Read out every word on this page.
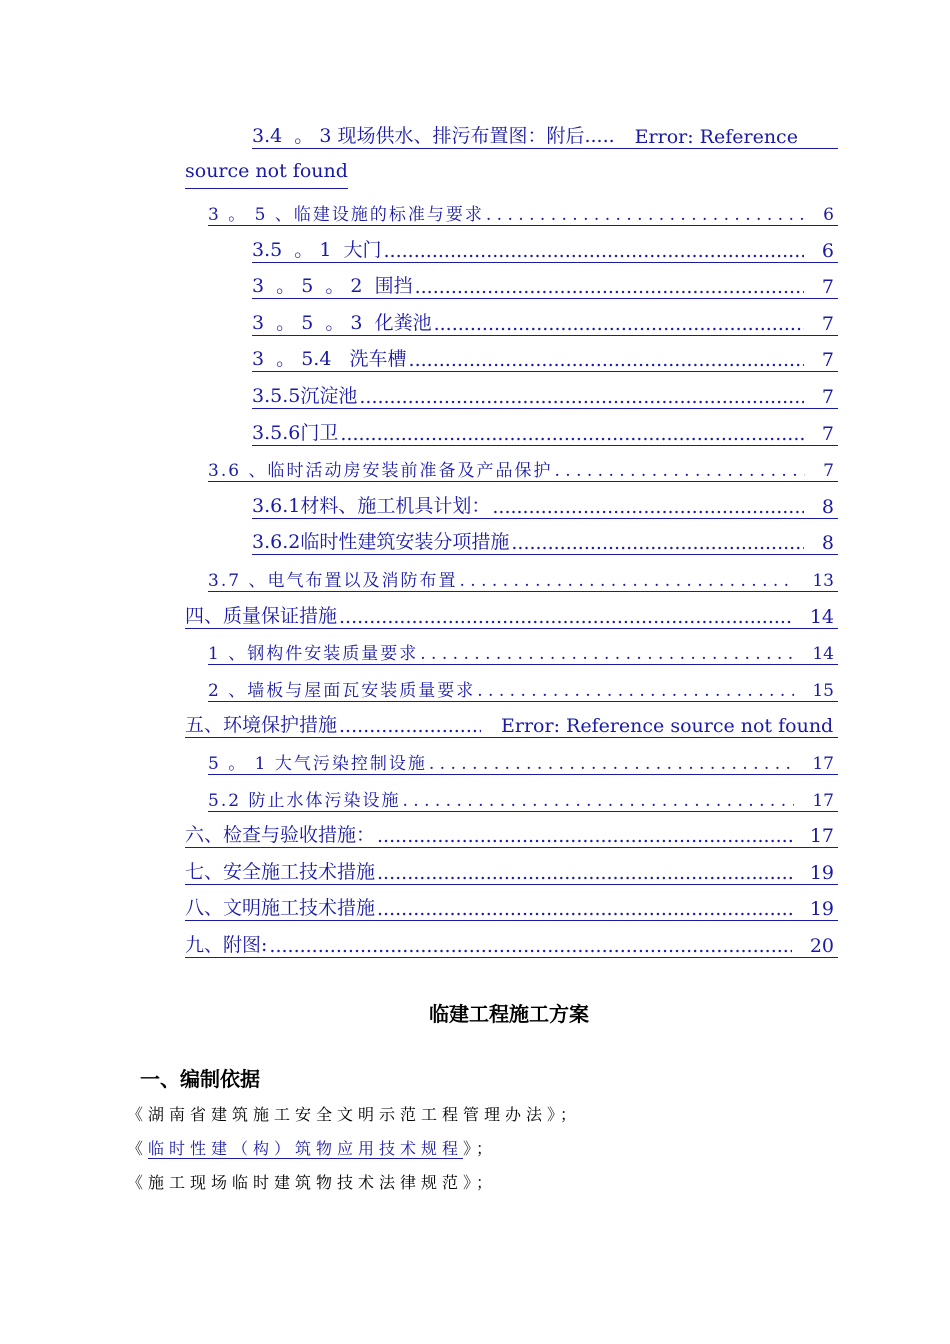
3.4  。 3 现场供水、排污布置图：附后.....	Error: Reference
source not found
3 。 5 、临建设施的标准与要求 . . .	6
3.5  。 1  大门 .....	6
3  。 5  。 2  围挡 .....	7
3  。 5  。 3  化粪池 .....	7
3  。 5.4   洗车槽 .....	7
3.5.5沉淀池 .....	7
3.5.6门卫 .....	7
3.6 、临时活动房安装前准备及产品保护 . . .	7
3.6.1材料、施工机具计划： .....	8
3.6.2临时性建筑安装分项措施 .....	8
3.7 、电气布置以及消防布置 . . .	13
四、质量保证措施 .....	14
1 、钢构件安装质量要求 . . .	14
2 、墙板与屋面瓦安装质量要求 . . .	15
五、环境保护措施 .....	Error: Reference source not found
5 。 1 大气污染控制设施 . . .	17
5.2 防止水体污染设施 . . .	17
六、检查与验收措施： .....	17
七、安全施工技术措施 .....	19
八、文明施工技术措施 .....	19
九、附图: .....	20
临建工程施工方案
一、编制依据
《湖南省建筑施工安全文明示范工程管理办法》；
《临时性建（构）筑物应用技术规程》；
《施工现场临时建筑物技术法律规范》；
